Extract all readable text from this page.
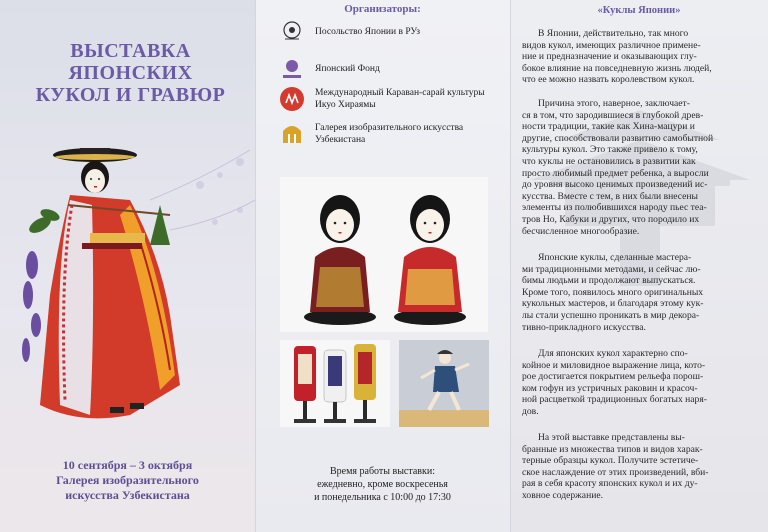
ВЫСТАВКА
ЯПОНСКИХ
КУКОЛ И ГРАВЮР
10 сентября – 3 октября
Галерея изобразительного
искусства Узбекистана
Организаторы:
Посольство Японии в РУз
Японский Фонд
Международный Караван-сарай культуры Икуо Хираямы
Галерея изобразительного искусства Узбекистана
Время работы выставки:
ежедневно, кроме воскресенья
и понедельника с 10:00 до 17:30
«Куклы Японии»
В Японии, действительно, так много
видов кукол, имеющих различное примене-
ние и предназначение и оказывающих глу-
бокое влияние на повседневную жизнь людей,
что ее можно назвать королевством кукол.
Причина этого, наверное, заключает-
ся в том, что зародившиеся в глубокой древ-
ности традиции, такие как Хина-мацури и
другие, способствовали развитию самобытной
культуры кукол. Это также привело к тому,
что куклы не остановились в развитии как
просто любимый предмет ребенка, а выросли
до уровня высоко ценимых произведений ис-
кусства. Вместе с тем, в них были внесены
элементы из полюбившихся народу пьес теа-
тров Но, Кабуки и других, что породило их
бесчисленное многообразие.
Японские куклы, сделанные мастера-
ми традиционными методами, и сейчас лю-
бимы людьми и продолжают выпускаться.
Кроме того, появилось много оригинальных
кукольных мастеров, и благодаря этому кук-
лы стали успешно проникать в мир декора-
тивно-прикладного искусства.
Для японских кукол характерно спо-
койное и миловидное выражение лица, кото-
рое достигается покрытием рельефа порош-
ком гофун из устричных раковин и красоч-
ной расцветкой традиционных богатых наря-
дов.
На этой выставке представлены вы-
бранные из множества типов и видов харак-
терные образцы кукол. Получите эстетиче-
ское наслаждение от этих произведений, вби-
рая в себя красоту японских кукол и их ду-
ховное содержание.
